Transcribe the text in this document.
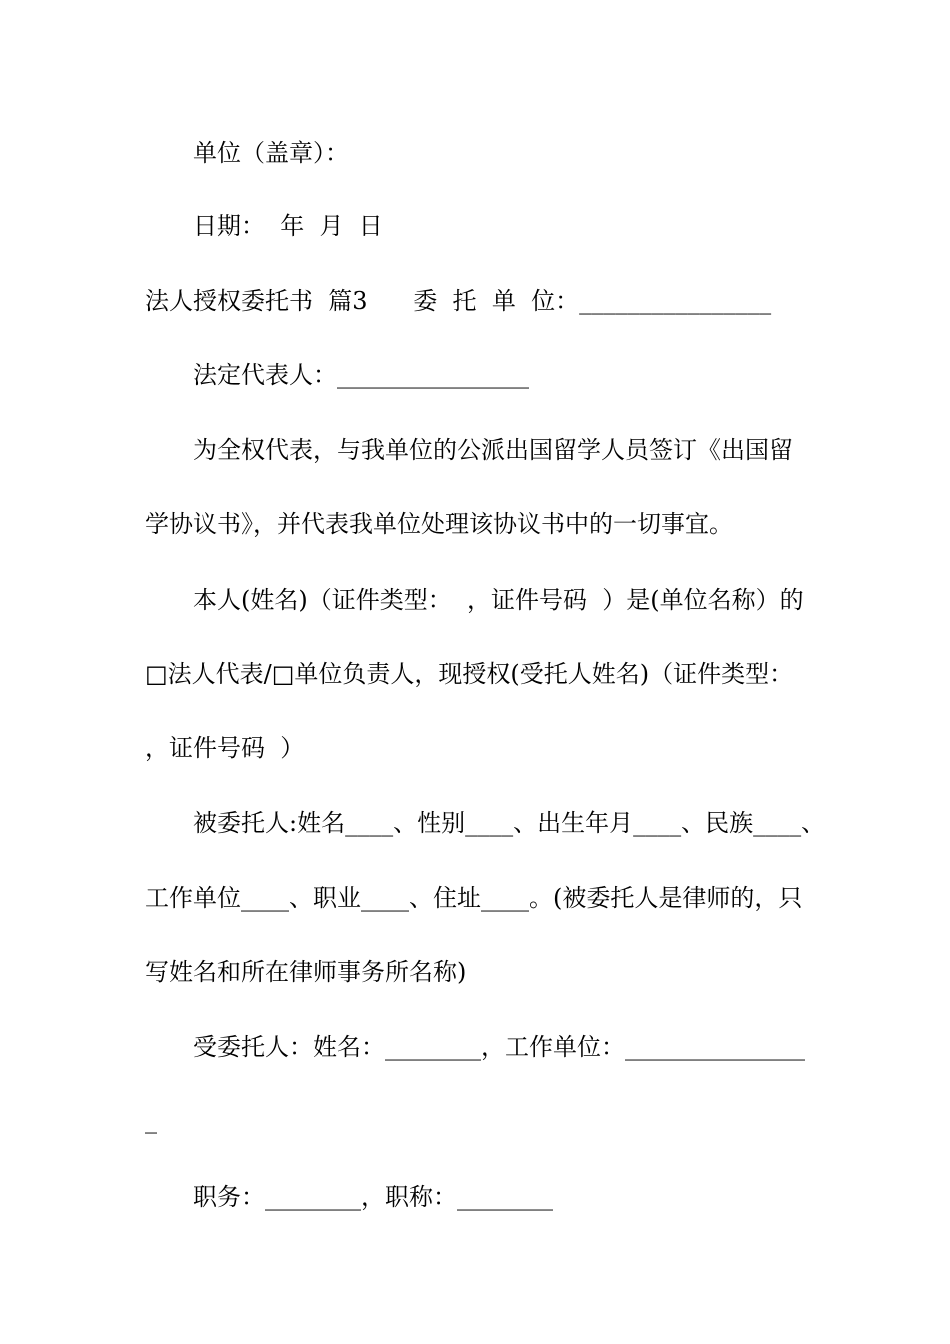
单位（盖章）：
日期：  年  月  日
法人授权委托书  篇3      委  托  单  位：________________
法定代表人：________________
为全权代表，与我单位的公派出国留学人员签订《出国留
学协议书》，并代表我单位处理该协议书中的一切事宜。
本人(姓名)（证件类型：  ，证件号码  ）是(单位名称）的
□法人代表/□单位负责人，现授权(受托人姓名)（证件类型：
，证件号码  ）
被委托人:姓名____、性别____、出生年月____、民族____、
工作单位____、职业____、住址____。(被委托人是律师的，只
写姓名和所在律师事务所名称)
受委托人：姓名：________，工作单位：_______________
_
职务：________，职称：________
